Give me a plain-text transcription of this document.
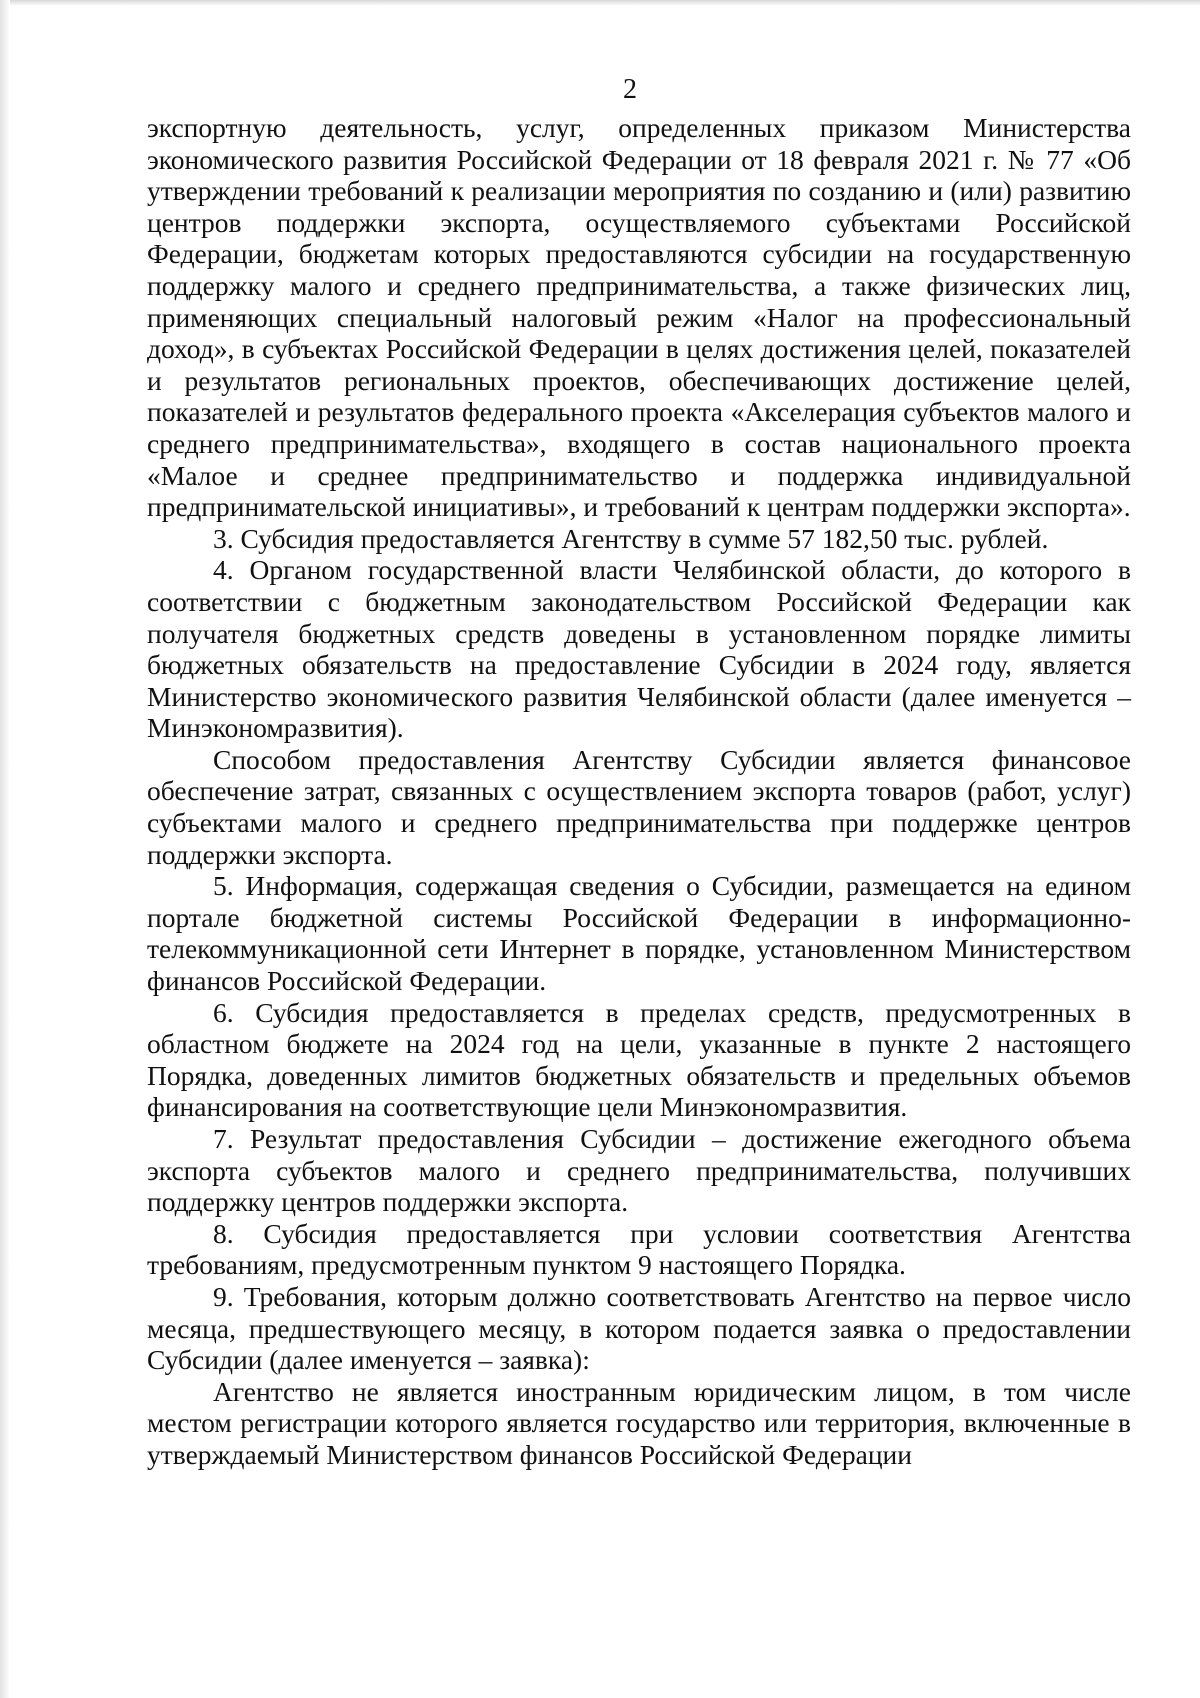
2

экспортную деятельность, услуг, определенных приказом Министерства экономического развития Российской Федерации от 18 февраля 2021 г. № 77 «Об утверждении требований к реализации мероприятия по созданию и (или) развитию центров поддержки экспорта, осуществляемого субъектами Российской Федерации, бюджетам которых предоставляются субсидии на государственную поддержку малого и среднего предпринимательства, а также физических лиц, применяющих специальный налоговый режим «Налог на профессиональный доход», в субъектах Российской Федерации в целях достижения целей, показателей и результатов региональных проектов, обеспечивающих достижение целей, показателей и результатов федерального проекта «Акселерация субъектов малого и среднего предпринимательства», входящего в состав национального проекта «Малое и среднее предпринимательство и поддержка индивидуальной предпринимательской инициативы», и требований к центрам поддержки экспорта».

3. Субсидия предоставляется Агентству в сумме 57 182,50 тыс. рублей.

4. Органом государственной власти Челябинской области, до которого в соответствии с бюджетным законодательством Российской Федерации как получателя бюджетных средств доведены в установленном порядке лимиты бюджетных обязательств на предоставление Субсидии в 2024 году, является Министерство экономического развития Челябинской области (далее именуется – Минэкономразвития).

Способом предоставления Агентству Субсидии является финансовое обеспечение затрат, связанных с осуществлением экспорта товаров (работ, услуг) субъектами малого и среднего предпринимательства при поддержке центров поддержки экспорта.

5. Информация, содержащая сведения о Субсидии, размещается на едином портале бюджетной системы Российской Федерации в информационно-телекоммуникационной сети Интернет в порядке, установленном Министерством финансов Российской Федерации.

6. Субсидия предоставляется в пределах средств, предусмотренных в областном бюджете на 2024 год на цели, указанные в пункте 2 настоящего Порядка, доведенных лимитов бюджетных обязательств и предельных объемов финансирования на соответствующие цели Минэкономразвития.

7. Результат предоставления Субсидии – достижение ежегодного объема экспорта субъектов малого и среднего предпринимательства, получивших поддержку центров поддержки экспорта.

8. Субсидия предоставляется при условии соответствия Агентства требованиям, предусмотренным пунктом 9 настоящего Порядка.

9. Требования, которым должно соответствовать Агентство на первое число месяца, предшествующего месяцу, в котором подается заявка о предоставлении Субсидии (далее именуется – заявка):

Агентство не является иностранным юридическим лицом, в том числе местом регистрации которого является государство или территория, включенные в утверждаемый Министерством финансов Российской Федерации
